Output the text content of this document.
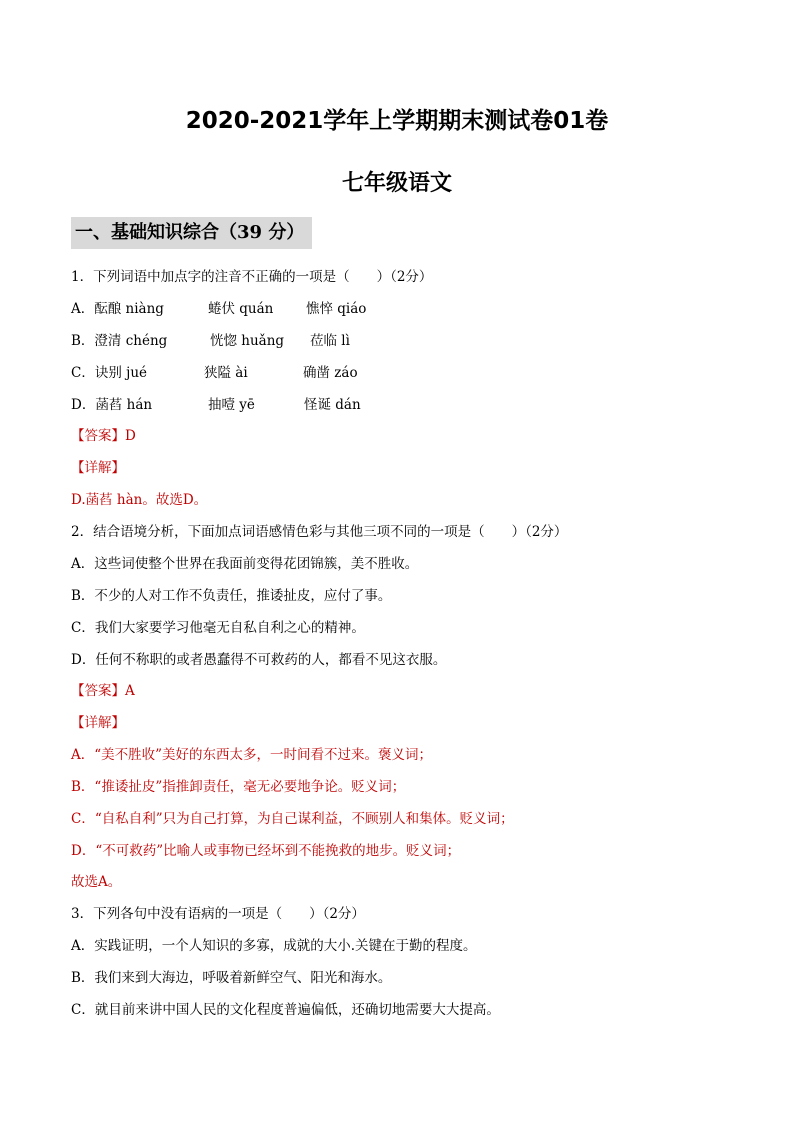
2020-2021学年上学期期末测试卷01卷
七年级语文
一、基础知识综合（39 分）
1．下列词语中加点字的注音不正确的一项是（　　）（2分）
A．酝酿 niàng	蜷伏 quán 憔悴 qiáo
B．澄清 chéng	恍惚 huǎng 莅临 lì
C．诀别 jué	狭隘 ài	确凿 záo
D．菡萏 hán	抽噎 yē	怪诞 dán
【答案】D
【详解】
D.菡萏 hàn。故选D。
2．结合语境分析，下面加点词语感情色彩与其他三项不同的一项是（　　）（2分）
A．这些词使整个世界在我面前变得花团锦簇，美不胜收。
B．不少的人对工作不负责任，推诿扯皮，应付了事。
C．我们大家要学习他毫无自私自利之心的精神。
D．任何不称职的或者愚蠢得不可救药的人，都看不见这衣服。
【答案】A
【详解】
A．“美不胜收”美好的东西太多，一时间看不过来。褒义词；
B．“推诿扯皮”指推卸责任，毫无必要地争论。贬义词；
C．“自私自利”只为自己打算，为自己谋利益，不顾别人和集体。贬义词；
D．“不可救药”比喻人或事物已经坏到不能挽救的地步。贬义词；
故选A。
3．下列各句中没有语病的一项是（　　）（2分）
A．实践证明，一个人知识的多寡，成就的大小.关键在于勤的程度。
B．我们来到大海边，呼吸着新鲜空气、阳光和海水。
C．就目前来讲中国人民的文化程度普遍偏低，还确切地需要大大提高。
